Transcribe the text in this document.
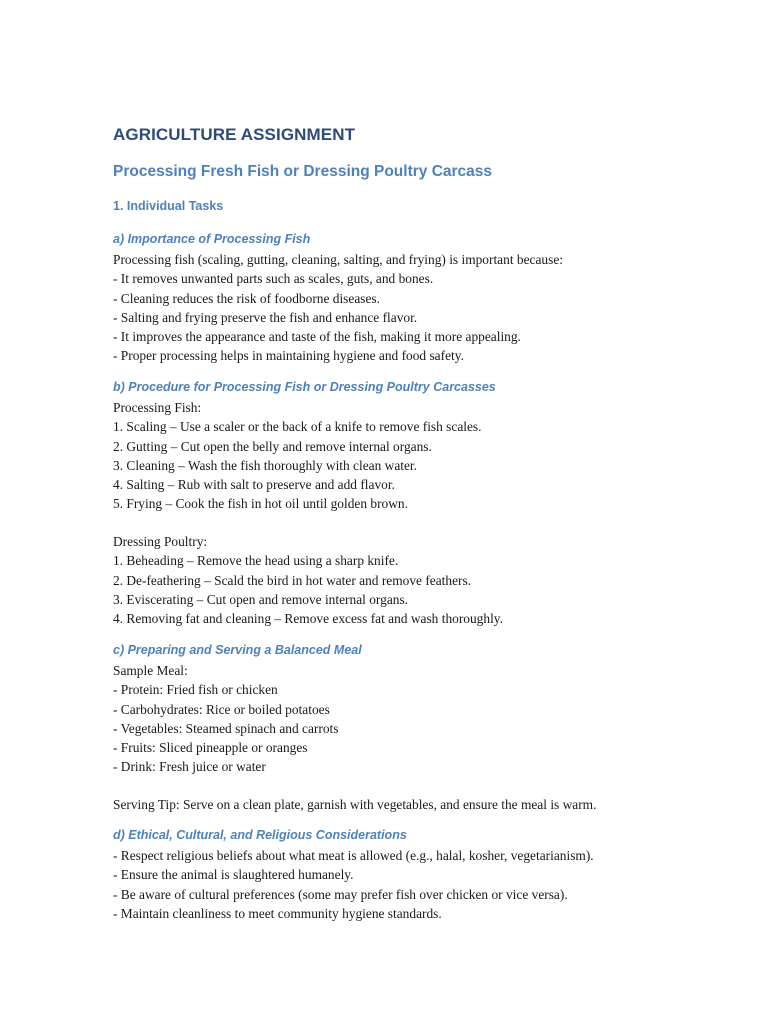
AGRICULTURE ASSIGNMENT
Processing Fresh Fish or Dressing Poultry Carcass
1. Individual Tasks
a) Importance of Processing Fish
Processing fish (scaling, gutting, cleaning, salting, and frying) is important because:
- It removes unwanted parts such as scales, guts, and bones.
- Cleaning reduces the risk of foodborne diseases.
- Salting and frying preserve the fish and enhance flavor.
- It improves the appearance and taste of the fish, making it more appealing.
- Proper processing helps in maintaining hygiene and food safety.
b) Procedure for Processing Fish or Dressing Poultry Carcasses
Processing Fish:
1. Scaling – Use a scaler or the back of a knife to remove fish scales.
2. Gutting – Cut open the belly and remove internal organs.
3. Cleaning – Wash the fish thoroughly with clean water.
4. Salting – Rub with salt to preserve and add flavor.
5. Frying – Cook the fish in hot oil until golden brown.
Dressing Poultry:
1. Beheading – Remove the head using a sharp knife.
2. De-feathering – Scald the bird in hot water and remove feathers.
3. Eviscerating – Cut open and remove internal organs.
4. Removing fat and cleaning – Remove excess fat and wash thoroughly.
c) Preparing and Serving a Balanced Meal
Sample Meal:
- Protein: Fried fish or chicken
- Carbohydrates: Rice or boiled potatoes
- Vegetables: Steamed spinach and carrots
- Fruits: Sliced pineapple or oranges
- Drink: Fresh juice or water
Serving Tip: Serve on a clean plate, garnish with vegetables, and ensure the meal is warm.
d) Ethical, Cultural, and Religious Considerations
- Respect religious beliefs about what meat is allowed (e.g., halal, kosher, vegetarianism).
- Ensure the animal is slaughtered humanely.
- Be aware of cultural preferences (some may prefer fish over chicken or vice versa).
- Maintain cleanliness to meet community hygiene standards.
